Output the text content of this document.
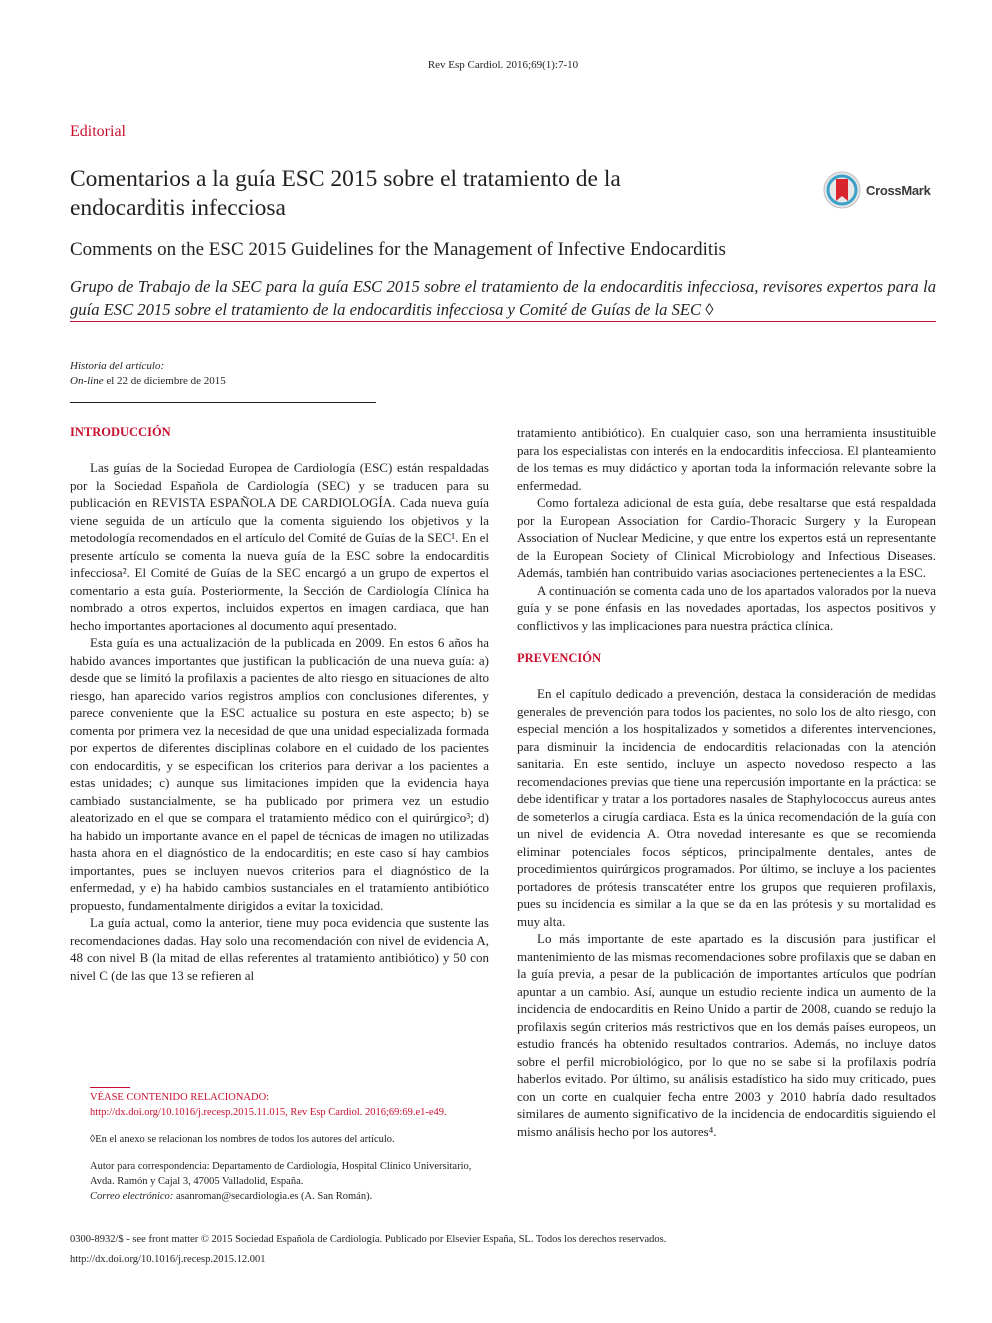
Rev Esp Cardiol. 2016;69(1):7-10
Editorial
Comentarios a la guía ESC 2015 sobre el tratamiento de la endocarditis infecciosa
CrossMark
Comments on the ESC 2015 Guidelines for the Management of Infective Endocarditis
Grupo de Trabajo de la SEC para la guía ESC 2015 sobre el tratamiento de la endocarditis infecciosa, revisores expertos para la guía ESC 2015 sobre el tratamiento de la endocarditis infecciosa y Comité de Guías de la SEC ◊
Historia del artículo:
On-line el 22 de diciembre de 2015
INTRODUCCIÓN

Las guías de la Sociedad Europea de Cardiología (ESC) están respaldadas por la Sociedad Española de Cardiología (SEC) y se traducen para su publicación en REVISTA ESPAÑOLA DE CARDIOLOGÍA. Cada nueva guía viene seguida de un artículo que la comenta siguiendo los objetivos y la metodología recomendados en el artículo del Comité de Guías de la SEC¹. En el presente artículo se comenta la nueva guía de la ESC sobre la endocarditis infecciosa². El Comité de Guías de la SEC encargó a un grupo de expertos el comentario a esta guía. Posteriormente, la Sección de Cardiología Clínica ha nombrado a otros expertos, incluidos expertos en imagen cardiaca, que han hecho importantes aportaciones al documento aquí presentado.

Esta guía es una actualización de la publicada en 2009. En estos 6 años ha habido avances importantes que justifican la publicación de una nueva guía: a) desde que se limitó la profilaxis a pacientes de alto riesgo en situaciones de alto riesgo, han aparecido varios registros amplios con conclusiones diferentes, y parece conveniente que la ESC actualice su postura en este aspecto; b) se comenta por primera vez la necesidad de que una unidad especializada formada por expertos de diferentes disciplinas colabore en el cuidado de los pacientes con endocarditis, y se especifican los criterios para derivar a los pacientes a estas unidades; c) aunque sus limitaciones impiden que la evidencia haya cambiado sustancialmente, se ha publicado por primera vez un estudio aleatorizado en el que se compara el tratamiento médico con el quirúrgico³; d) ha habido un importante avance en el papel de técnicas de imagen no utilizadas hasta ahora en el diagnóstico de la endocarditis; en este caso sí hay cambios importantes, pues se incluyen nuevos criterios para el diagnóstico de la enfermedad, y e) ha habido cambios sustanciales en el tratamiento antibiótico propuesto, fundamentalmente dirigidos a evitar la toxicidad.

La guía actual, como la anterior, tiene muy poca evidencia que sustente las recomendaciones dadas. Hay solo una recomendación con nivel de evidencia A, 48 con nivel B (la mitad de ellas referentes al tratamiento antibiótico) y 50 con nivel C (de las que 13 se refieren al

tratamiento antibiótico). En cualquier caso, son una herramienta insustituible para los especialistas con interés en la endocarditis infecciosa. El planteamiento de los temas es muy didáctico y aportan toda la información relevante sobre la enfermedad.

Como fortaleza adicional de esta guía, debe resaltarse que está respaldada por la European Association for Cardio-Thoracic Surgery y la European Association of Nuclear Medicine, y que entre los expertos está un representante de la European Society of Clinical Microbiology and Infectious Diseases. Además, también han contribuido varias asociaciones pertenecientes a la ESC.

A continuación se comenta cada uno de los apartados valorados por la nueva guía y se pone énfasis en las novedades aportadas, los aspectos positivos y conflictivos y las implicaciones para nuestra práctica clínica.

PREVENCIÓN

En el capítulo dedicado a prevención, destaca la consideración de medidas generales de prevención para todos los pacientes, no solo los de alto riesgo, con especial mención a los hospitalizados y sometidos a diferentes intervenciones, para disminuir la incidencia de endocarditis relacionadas con la atención sanitaria. En este sentido, incluye un aspecto novedoso respecto a las recomendaciones previas que tiene una repercusión importante en la práctica: se debe identificar y tratar a los portadores nasales de Staphylococcus aureus antes de someterlos a cirugía cardiaca. Esta es la única recomendación de la guía con un nivel de evidencia A. Otra novedad interesante es que se recomienda eliminar potenciales focos sépticos, principalmente dentales, antes de procedimientos quirúrgicos programados. Por último, se incluye a los pacientes portadores de prótesis transcatéter entre los grupos que requieren profilaxis, pues su incidencia es similar a la que se da en las prótesis y su mortalidad es muy alta.

Lo más importante de este apartado es la discusión para justificar el mantenimiento de las mismas recomendaciones sobre profilaxis que se daban en la guía previa, a pesar de la publicación de importantes artículos que podrían apuntar a un cambio. Así, aunque un estudio reciente indica un aumento de la incidencia de endocarditis en Reino Unido a partir de 2008, cuando se redujo la profilaxis según criterios más restrictivos que en los demás países europeos, un estudio francés ha obtenido resultados contrarios. Además, no incluye datos sobre el perfil microbiológico, por lo que no se sabe si la profilaxis podría haberlos evitado. Por último, su análisis estadístico ha sido muy criticado, pues con un corte en cualquier fecha entre 2003 y 2010 habría dado resultados similares de aumento significativo de la incidencia de endocarditis siguiendo el mismo análisis hecho por los autores⁴.

VÉASE CONTENIDO RELACIONADO:
http://dx.doi.org/10.1016/j.recesp.2015.11.015, Rev Esp Cardiol. 2016;69:69.e1-e49.
◊En el anexo se relacionan los nombres de todos los autores del artículo.
Autor para correspondencia: Departamento de Cardiología, Hospital Clínico Universitario, Avda. Ramón y Cajal 3, 47005 Valladolid, España.
Correo electrónico: asanroman@secardiologia.es (A. San Román).
0300-8932/$ - see front matter © 2015 Sociedad Española de Cardiología. Publicado por Elsevier España, SL. Todos los derechos reservados.
http://dx.doi.org/10.1016/j.recesp.2015.12.001
